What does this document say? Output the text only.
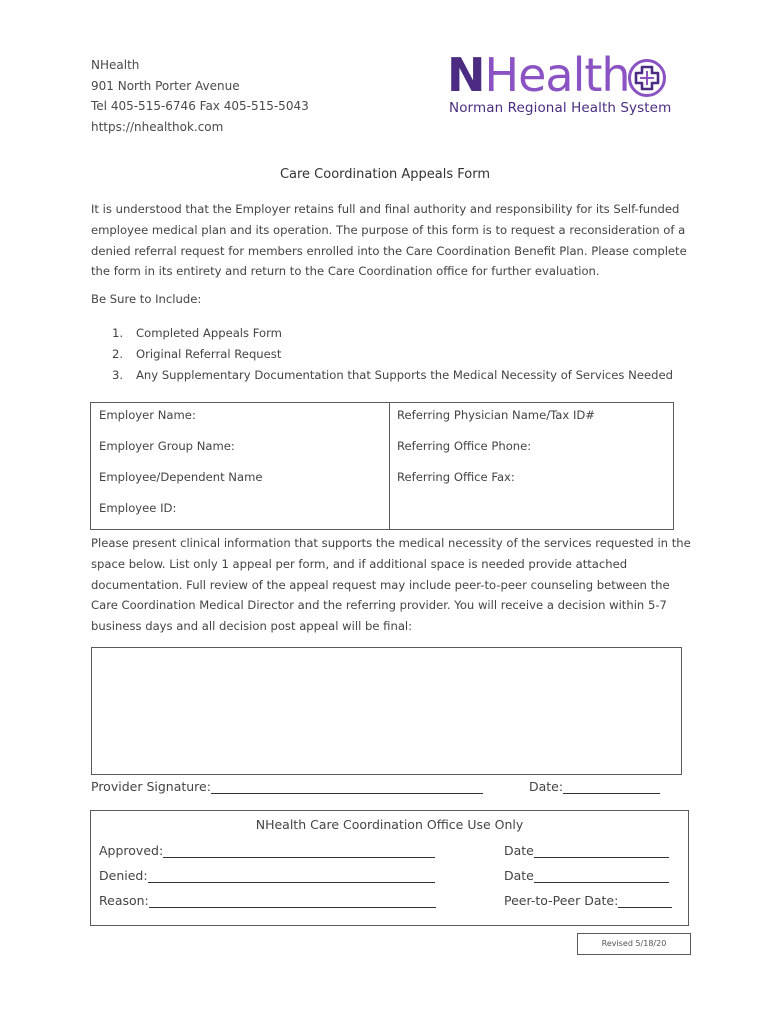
NHealth
901 North Porter Avenue
Tel 405-515-6746 Fax 405-515-5043
https://nhealthok.com
NHealth
Norman Regional Health System
Care Coordination Appeals Form
It is understood that the Employer retains full and final authority and responsibility for its Self-funded employee medical plan and its operation. The purpose of this form is to request a reconsideration of a denied referral request for members enrolled into the Care Coordination Benefit Plan. Please complete the form in its entirety and return to the Care Coordination office for further evaluation.
Be Sure to Include:
1. Completed Appeals Form
2. Original Referral Request
3. Any Supplementary Documentation that Supports the Medical Necessity of Services Needed
Employer Name:
Employer Group Name:
Employee/Dependent Name
Employee ID:
Referring Physician Name/Tax ID#
Referring Office Phone:
Referring Office Fax:
Please present clinical information that supports the medical necessity of the services requested in the space below. List only 1 appeal per form, and if additional space is needed provide attached documentation. Full review of the appeal request may include peer-to-peer counseling between the Care Coordination Medical Director and the referring provider. You will receive a decision within 5-7 business days and all decision post appeal will be final:
Provider Signature:	Date:
NHealth Care Coordination Office Use Only
Approved:
Denied:
Reason:
Date
Date
Peer-to-Peer Date:
Revised 5/18/20
